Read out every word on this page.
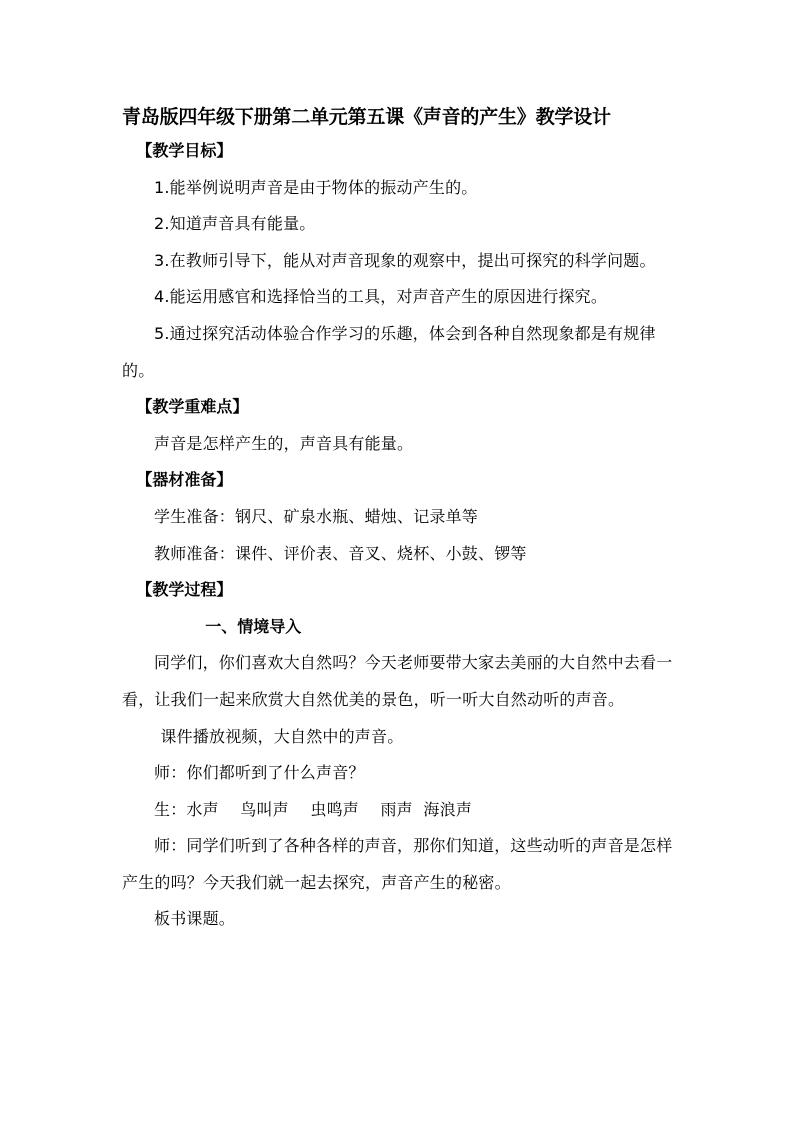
青岛版四年级下册第二单元第五课《声音的产生》教学设计

【教学目标】

1.能举例说明声音是由于物体的振动产生的。

2.知道声音具有能量。

3.在教师引导下，能从对声音现象的观察中，提出可探究的科学问题。

4.能运用感官和选择恰当的工具，对声音产生的原因进行探究。

5.通过探究活动体验合作学习的乐趣，体会到各种自然现象都是有规律的。

【教学重难点】

声音是怎样产生的，声音具有能量。

【器材准备】

学生准备：钢尺、矿泉水瓶、蜡烛、记录单等

教师准备：课件、评价表、音叉、烧杯、小鼓、锣等

【教学过程】

一、情境导入

同学们，你们喜欢大自然吗？今天老师要带大家去美丽的大自然中去看一看，让我们一起来欣赏大自然优美的景色，听一听大自然动听的声音。

课件播放视频，大自然中的声音。

师：你们都听到了什么声音？

生：水声　 鸟叫声　 虫鸣声　 雨声  海浪声

师：同学们听到了各种各样的声音，那你们知道，这些动听的声音是怎样产生的吗？今天我们就一起去探究，声音产生的秘密。

板书课题。
